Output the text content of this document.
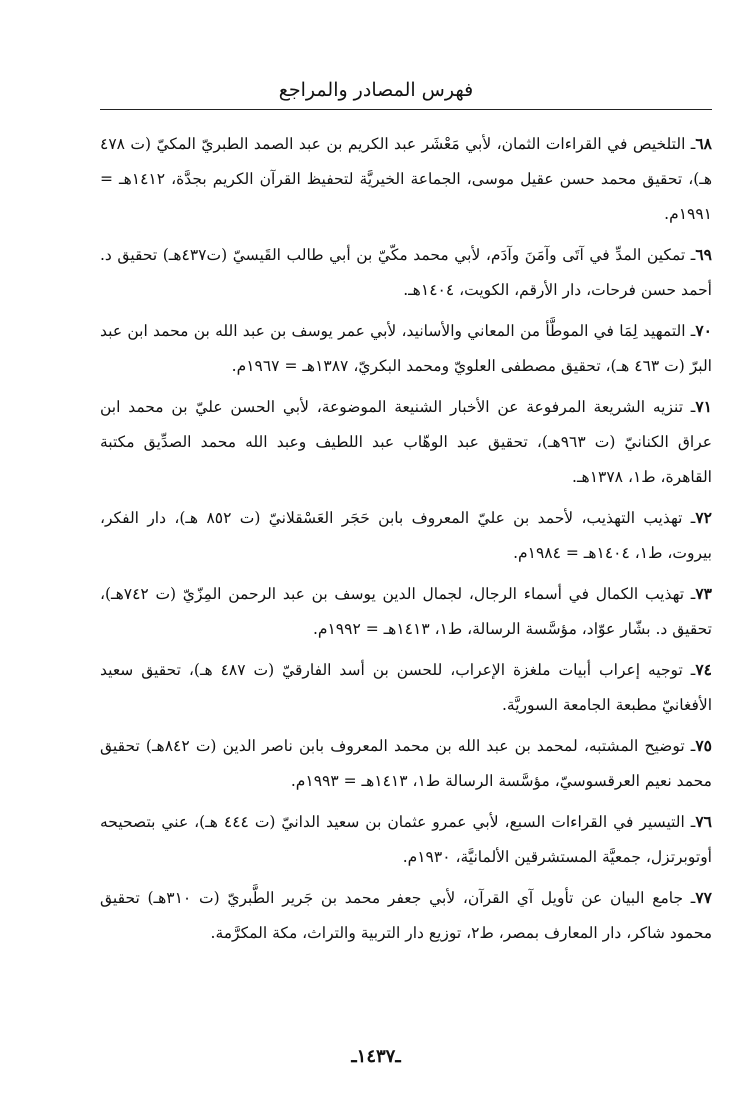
فهرس المصادر والمراجع

٦٨ـ التلخيص في القراءات الثمان، لأبي مَعْشَر عبد الكريم بن عبد الصمد الطبريّ المكيّ (ت ٤٧٨ هـ)، تحقيق محمد حسن عقيل موسى، الجماعة الخيريَّة لتحفيظ القرآن الكريم بجدَّة، ١٤١٢هـ = ١٩٩١م.

٦٩ـ تمكين المدِّ في آتَى وآمَنَ وآدَم، لأبي محمد مكّيّ بن أبي طالب القَيسيّ (ت٤٣٧هـ) تحقيق د. أحمد حسن فرحات، دار الأرقم، الكويت، ١٤٠٤هـ.

٧٠ـ التمهيد لِمَا في الموطَّأ من المعاني والأسانيد، لأبي عمر يوسف بن عبد الله بن محمد ابن عبد البرّ (ت ٤٦٣ هـ)، تحقيق مصطفى العلويّ ومحمد البكريّ، ١٣٨٧هـ = ١٩٦٧م.

٧١ـ تنزيه الشريعة المرفوعة عن الأخبار الشنيعة الموضوعة، لأبي الحسن عليّ بن محمد ابن عراق الكنانيّ (ت ٩٦٣هـ)، تحقيق عبد الوهّاب عبد اللطيف وعبد الله محمد الصدِّيق مكتبة القاهرة، ط١، ١٣٧٨هـ.

٧٢ـ تهذيب التهذيب، لأحمد بن عليّ المعروف بابن حَجَر العَسْقلانيّ (ت ٨٥٢ هـ)، دار الفكر، بيروت، ط١، ١٤٠٤هـ = ١٩٨٤م.

٧٣ـ تهذيب الكمال في أسماء الرجال، لجمال الدين يوسف بن عبد الرحمن المِزّيّ (ت ٧٤٢هـ)، تحقيق د. بشّار عوّاد، مؤسَّسة الرسالة، ط١، ١٤١٣هـ = ١٩٩٢م.

٧٤ـ توجيه إعراب أبيات ملغزة الإعراب، للحسن بن أسد الفارقيّ (ت ٤٨٧ هـ)، تحقيق سعيد الأفغانيّ مطبعة الجامعة السوريَّة.

٧٥ـ توضيح المشتبه، لمحمد بن عبد الله بن محمد المعروف بابن ناصر الدين (ت ٨٤٢هـ) تحقيق محمد نعيم العرقسوسيّ، مؤسَّسة الرسالة ط١، ١٤١٣هـ = ١٩٩٣م.

٧٦ـ التيسير في القراءات السبع، لأبي عمرو عثمان بن سعيد الدانيّ (ت ٤٤٤ هـ)، عني بتصحيحه أوتوبرتزل، جمعيَّة المستشرقين الألمانيَّة، ١٩٣٠م.

٧٧ـ جامع البيان عن تأويل آي القرآن، لأبي جعفر محمد بن جَرير الطَّبريّ (ت ٣١٠هـ) تحقيق محمود شاكر، دار المعارف بمصر، ط٢، توزيع دار التربية والتراث، مكة المكرَّمة.

ـ١٤٣٧ـ
